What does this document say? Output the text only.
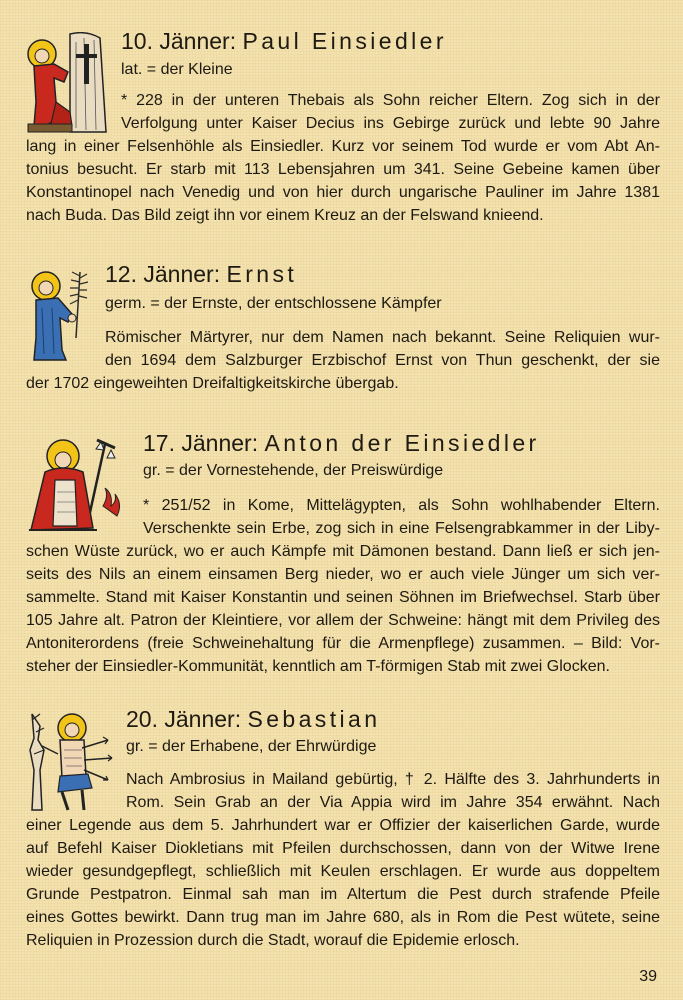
10. Jänner: Paul Einsiedler
lat. = der Kleine
* 228 in der unteren Thebais als Sohn reicher Eltern. Zog sich in der
Verfolgung unter Kaiser Decius ins Gebirge zurück und lebte 90 Jahre
lang in einer Felsenhöhle als Einsiedler. Kurz vor seinem Tod wurde er vom Abt An-
tonius besucht. Er starb mit 113 Lebensjahren um 341. Seine Gebeine kamen über
Konstantinopel nach Venedig und von hier durch ungarische Pauliner im Jahre 1381
nach Buda. Das Bild zeigt ihn vor einem Kreuz an der Felswand knieend.
12. Jänner: Ernst
germ. = der Ernste, der entschlossene Kämpfer
Römischer Märtyrer, nur dem Namen nach bekannt. Seine Reliquien wur-
den 1694 dem Salzburger Erzbischof Ernst von Thun geschenkt, der sie
der 1702 eingeweihten Dreifaltigkeitskirche übergab.
17. Jänner: Anton der Einsiedler
gr. = der Vornestehende, der Preiswürdige
* 251/52 in Kome, Mittelägypten, als Sohn wohlhabender Eltern.
Verschenkte sein Erbe, zog sich in eine Felsengrabkammer in der Liby-
schen Wüste zurück, wo er auch Kämpfe mit Dämonen bestand. Dann ließ er sich jen-
seits des Nils an einem einsamen Berg nieder, wo er auch viele Jünger um sich ver-
sammelte. Stand mit Kaiser Konstantin und seinen Söhnen im Briefwechsel. Starb über
105 Jahre alt. Patron der Kleintiere, vor allem der Schweine: hängt mit dem Privileg des
Antoniterordens (freie Schweinehaltung für die Armenpflege) zusammen. – Bild: Vor-
steher der Einsiedler-Kommunität, kenntlich am T-förmigen Stab mit zwei Glocken.
20. Jänner: Sebastian
gr. = der Erhabene, der Ehrwürdige
Nach Ambrosius in Mailand gebürtig, † 2. Hälfte des 3. Jahrhunderts in
Rom. Sein Grab an der Via Appia wird im Jahre 354 erwähnt. Nach
einer Legende aus dem 5. Jahrhundert war er Offizier der kaiserlichen Garde, wurde
auf Befehl Kaiser Diokletians mit Pfeilen durchschossen, dann von der Witwe Irene
wieder gesundgepflegt, schließlich mit Keulen erschlagen. Er wurde aus doppeltem
Grunde Pestpatron. Einmal sah man im Altertum die Pest durch strafende Pfeile
eines Gottes bewirkt. Dann trug man im Jahre 680, als in Rom die Pest wütete, seine
Reliquien in Prozession durch die Stadt, worauf die Epidemie erlosch.
39
